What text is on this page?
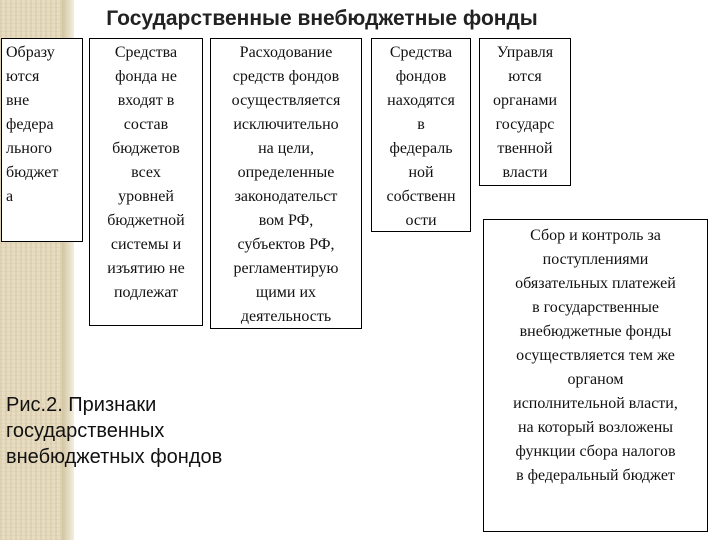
Государственные внебюджетные фонды
Образу
ются
вне
федера
льного
бюджет
а
Средства
фонда не
входят в
состав
бюджетов
всех
уровней
бюджетной
системы и
изъятию не
подлежат
Расходование
средств фондов
осуществляется
исключительно
на цели,
определенные
законодательст
вом РФ,
субъектов РФ,
регламентирую
щими их
деятельность
Средства
фондов
находятся
в
федераль
ной
собственн
ости
Управля
ются
органами
государс
твенной
власти
Сбор и контроль за
поступлениями
обязательных платежей
в государственные
внебюджетные фонды
осуществляется тем же
органом
исполнительной власти,
на который возложены
функции сбора налогов
в федеральный бюджет
Рис.2. Признаки
государственных
внебюджетных фондов
